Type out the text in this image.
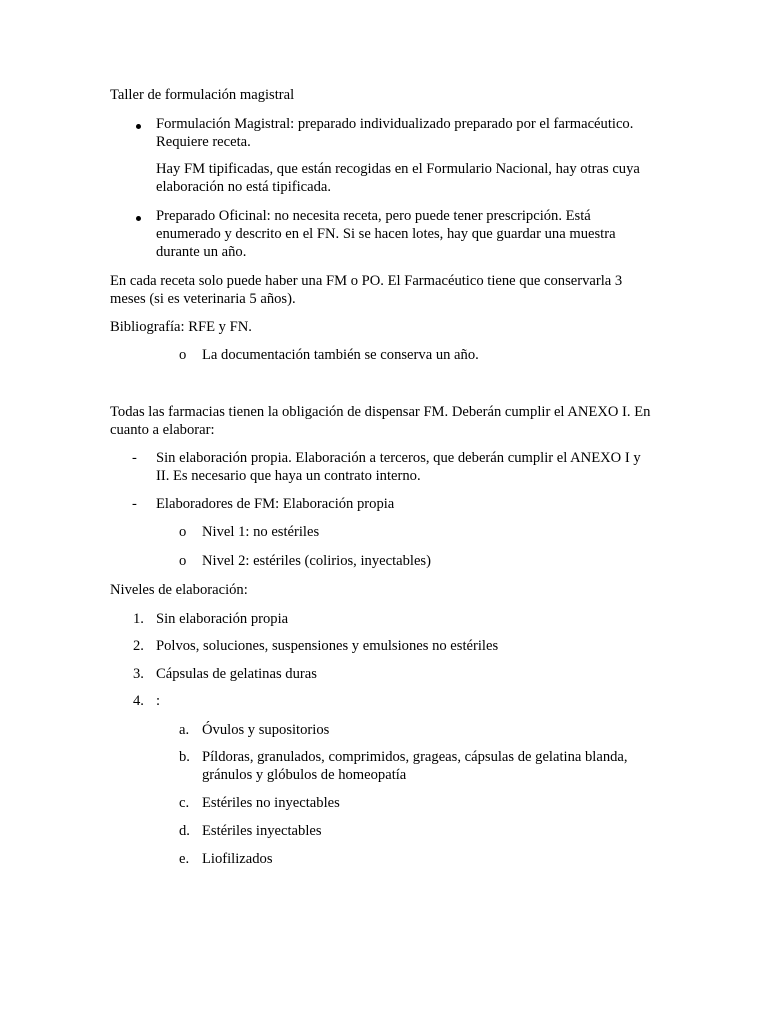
Taller de formulación magistral

Formulación Magistral: preparado individualizado preparado por el farmacéutico. Requiere receta.

Hay FM tipificadas, que están recogidas en el Formulario Nacional, hay otras cuya elaboración no está tipificada.

Preparado Oficinal: no necesita receta, pero puede tener prescripción. Está enumerado y descrito en el FN. Si se hacen lotes, hay que guardar una muestra durante un año.

En cada receta solo puede haber una FM o PO. El Farmacéutico tiene que conservarla 3 meses (si es veterinaria 5 años).

Bibliografía: RFE y FN.

o	La documentación también se conserva un año.

Todas las farmacias tienen la obligación de dispensar FM. Deberán cumplir el ANEXO I. En cuanto a elaborar:

-	Sin elaboración propia. Elaboración a terceros, que deberán cumplir el ANEXO I y II. Es necesario que haya un contrato interno.

-	Elaboradores de FM: Elaboración propia

o	Nivel 1: no estériles

o	Nivel 2: estériles (colirios, inyectables)

Niveles de elaboración:

1. Sin elaboración propia

2. Polvos, soluciones, suspensiones y emulsiones no estériles

3. Cápsulas de gelatinas duras

4. :

a. Óvulos y supositorios

b. Píldoras, granulados, comprimidos, grageas, cápsulas de gelatina blanda, gránulos y glóbulos de homeopatía

c. Estériles no inyectables

d. Estériles inyectables

e. Liofilizados
